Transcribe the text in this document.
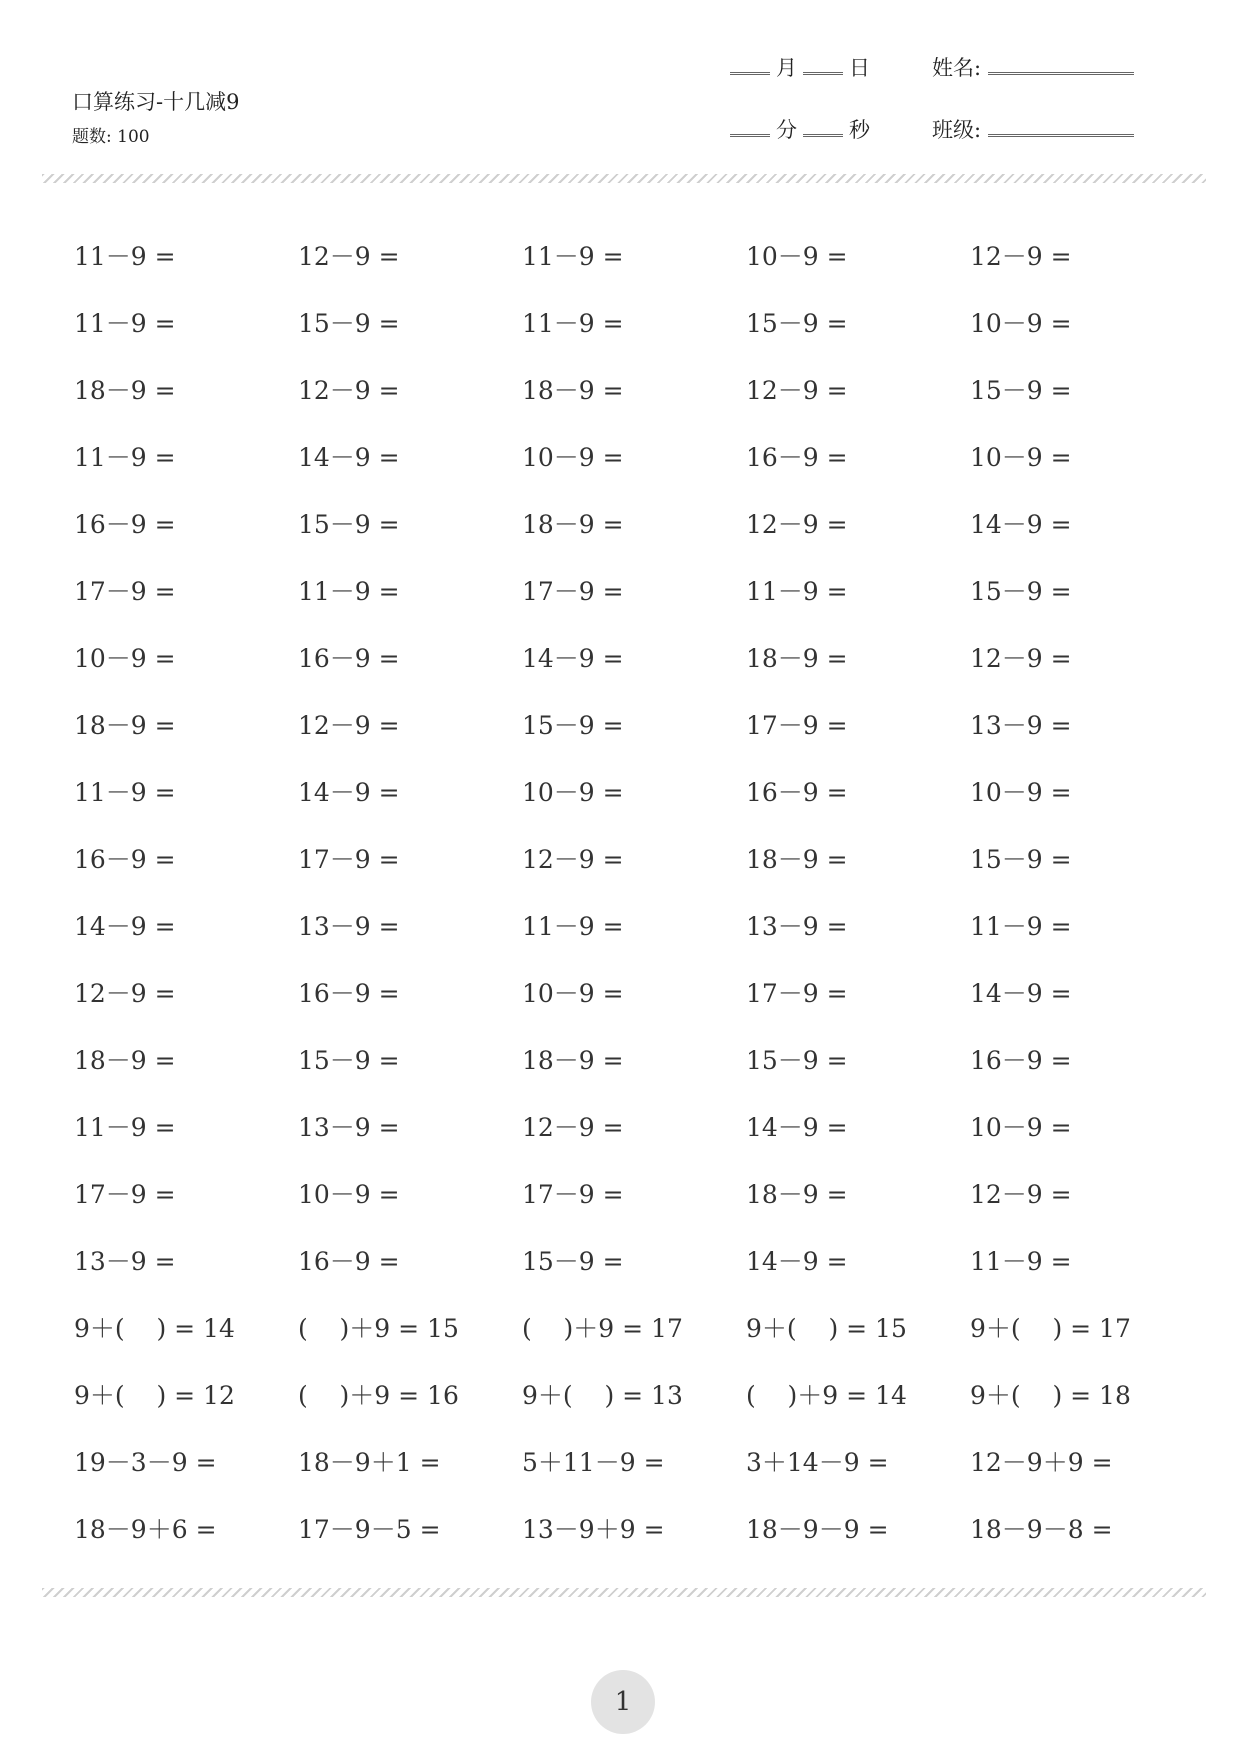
口算练习-十几减9
题数: 100
月 日
分 秒
姓名:
班级:
11－9 =	12－9 =	11－9 =	10－9 =	12－9 =
11－9 =	15－9 =	11－9 =	15－9 =	10－9 =
18－9 =	12－9 =	18－9 =	12－9 =	15－9 =
11－9 =	14－9 =	10－9 =	16－9 =	10－9 =
16－9 =	15－9 =	18－9 =	12－9 =	14－9 =
17－9 =	11－9 =	17－9 =	11－9 =	15－9 =
10－9 =	16－9 =	14－9 =	18－9 =	12－9 =
18－9 =	12－9 =	15－9 =	17－9 =	13－9 =
11－9 =	14－9 =	10－9 =	16－9 =	10－9 =
16－9 =	17－9 =	12－9 =	18－9 =	15－9 =
14－9 =	13－9 =	11－9 =	13－9 =	11－9 =
12－9 =	16－9 =	10－9 =	17－9 =	14－9 =
18－9 =	15－9 =	18－9 =	15－9 =	16－9 =
11－9 =	13－9 =	12－9 =	14－9 =	10－9 =
17－9 =	10－9 =	17－9 =	18－9 =	12－9 =
13－9 =	16－9 =	15－9 =	14－9 =	11－9 =
9＋(    ) = 14	(    )＋9 = 15	(    )＋9 = 17	9＋(    ) = 15	9＋(    ) = 17
9＋(    ) = 12	(    )＋9 = 16	9＋(    ) = 13	(    )＋9 = 14	9＋(    ) = 18
19－3－9 =	18－9＋1 =	5＋11－9 =	3＋14－9 =	12－9＋9 =
18－9＋6 =	17－9－5 =	13－9＋9 =	18－9－9 =	18－9－8 =
1
